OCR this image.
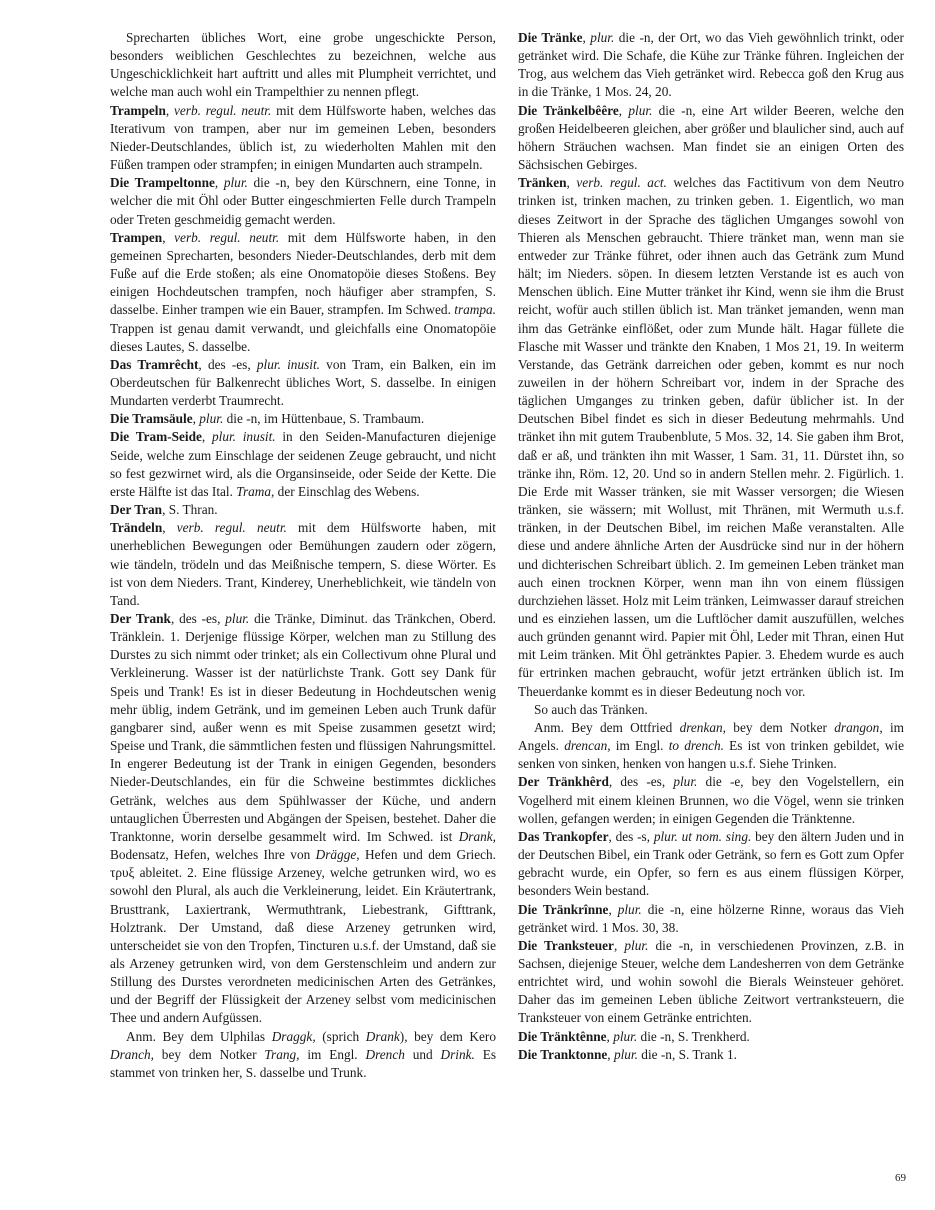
Sprecharten übliches Wort, eine grobe ungeschickte Person, besonders weiblichen Geschlechtes zu bezeichnen, welche aus Ungeschicklichkeit hart auftritt und alles mit Plumpheit verrichtet, und welche man auch wohl ein Trampelthier zu nennen pflegt.

Trampeln, verb. regul. neutr. mit dem Hülfsworte haben, welches das Iterativum von trampen, aber nur im gemeinen Leben, besonders Nieder-Deutschlandes, üblich ist, zu wiederholten Mahlen mit den Füßen trampen oder strampfen; in einigen Mundarten auch strampeln.

Die Trampeltonne, plur. die -n, bey den Kürschnern, eine Tonne, in welcher die mit Öhl oder Butter eingeschmierten Felle durch Trampeln oder Treten geschmeidig gemacht werden.

Trampen, verb. regul. neutr. mit dem Hülfsworte haben, in den gemeinen Sprecharten, besonders Nieder-Deutschlandes, derb mit dem Fuße auf die Erde stoßen; als eine Onomatopöie dieses Stoßens. Bey einigen Hochdeutschen trampfen, noch häufiger aber strampfen, S. dasselbe. Einher trampen wie ein Bauer, strampfen. Im Schwed. trampa. Trappen ist genau damit verwandt, und gleichfalls eine Onomatopöie dieses Lautes, S. dasselbe.

Das Tramrêcht, des -es, plur. inusit. von Tram, ein Balken, ein im Oberdeutschen für Balkenrecht übliches Wort, S. dasselbe. In einigen Mundarten verderbt Traumrecht.

Die Tramsäule, plur. die -n, im Hüttenbaue, S. Trambaum.

Die Tram-Seide, plur. inusit. in den Seiden-Manufacturen diejenige Seide, welche zum Einschlage der seidenen Zeuge gebraucht, und nicht so fest gezwirnet wird, als die Organsinseide, oder Seide der Kette. Die erste Hälfte ist das Ital. Trama, der Einschlag des Webens.

Der Tran, S. Thran.

Trändeln, verb. regul. neutr. mit dem Hülfsworte haben, mit unerheblichen Bewegungen oder Bemühungen zaudern oder zögern, wie tändeln, trödeln und das Meißnische tempern, S. diese Wörter. Es ist von dem Nieders. Trant, Kinderey, Unerheblichkeit, wie tändeln von Tand.

Der Trank, des -es, plur. die Tränke, Diminut. das Tränkchen, Oberd. Tränklein. 1. Derjenige flüssige Körper, welchen man zu Stillung des Durstes zu sich nimmt oder trinket; als ein Collectivum ohne Plural und Verkleinerung. Wasser ist der natürlichste Trank. Gott sey Dank für Speis und Trank! Es ist in dieser Bedeutung in Hochdeutschen wenig mehr üblig, indem Getränk, und im gemeinen Leben auch Trunk dafür gangbarer sind, außer wenn es mit Speise zusammen gesetzt wird; Speise und Trank, die sämmtlichen festen und flüssigen Nahrungsmittel. In engerer Bedeutung ist der Trank in einigen Gegenden, besonders Nieder-Deutschlandes, ein für die Schweine bestimmtes dickliches Getränk, welches aus dem Spühlwasser der Küche, und andern untauglichen Überresten und Abgängen der Speisen, bestehet. Daher die Tranktonne, worin derselbe gesammelt wird. Im Schwed. ist Drank, Bodensatz, Hefen, welches Ihre von Drägge, Hefen und dem Griech. τρυξ ableitet. 2. Eine flüssige Arzeney, welche getrunken wird, wo es sowohl den Plural, als auch die Verkleinerung, leidet. Ein Kräutertrank, Brusttrank, Laxiertrank, Wermuthtrank, Liebestrank, Gifttrank, Holztrank. Der Umstand, daß diese Arzeney getrunken wird, unterscheidet sie von den Tropfen, Tincturen u.s.f. der Umstand, daß sie als Arzeney getrunken wird, von dem Gerstenschleim und andern zur Stillung des Durstes verordneten medicinischen Arten des Getränkes, und der Begriff der Flüssigkeit der Arzeney selbst vom medicinischen Thee und andern Aufgüssen.

Anm. Bey dem Ulphilas Draggk, (sprich Drank), bey dem Kero Dranch, bey dem Notker Trang, im Engl. Drench und Drink. Es stammet von trinken her, S. dasselbe und Trunk.

Die Tränke, plur. die -n, der Ort, wo das Vieh gewöhnlich trinkt, oder getränket wird. Die Schafe, die Kühe zur Tränke führen. Ingleichen der Trog, aus welchem das Vieh getränket wird. Rebecca goß den Krug aus in die Tränke, 1 Mos. 24, 20.

Die Tränkelbêêre, plur. die -n, eine Art wilder Beeren, welche den großen Heidelbeeren gleichen, aber größer und blaulicher sind, auch auf höhern Sträuchen wachsen. Man findet sie an einigen Orten des Sächsischen Gebirges.

Tränken, verb. regul. act. welches das Factitivum von dem Neutro trinken ist, trinken machen, zu trinken geben. 1. Eigentlich, wo man dieses Zeitwort in der Sprache des täglichen Umganges sowohl von Thieren als Menschen gebraucht. Thiere tränket man, wenn man sie entweder zur Tränke führet, oder ihnen auch das Getränk zum Mund hält; im Nieders. söpen. In diesem letzten Verstande ist es auch von Menschen üblich. Eine Mutter tränket ihr Kind, wenn sie ihm die Brust reicht, wofür auch stillen üblich ist. Man tränket jemanden, wenn man ihm das Getränke einflößet, oder zum Munde hält. Hagar füllete die Flasche mit Wasser und tränkte den Knaben, 1 Mos 21, 19. In weiterm Verstande, das Getränk darreichen oder geben, kommt es nur noch zuweilen in der höhern Schreibart vor, indem in der Sprache des täglichen Umganges zu trinken geben, dafür üblicher ist. In der Deutschen Bibel findet es sich in dieser Bedeutung mehrmahls. Und tränket ihn mit gutem Traubenblute, 5 Mos. 32, 14. Sie gaben ihm Brot, daß er aß, und tränkten ihn mit Wasser, 1 Sam. 31, 11. Dürstet ihn, so tränke ihn, Röm. 12, 20. Und so in andern Stellen mehr. 2. Figürlich. 1. Die Erde mit Wasser tränken, sie mit Wasser versorgen; die Wiesen tränken, sie wässern; mit Wollust, mit Thränen, mit Wermuth u.s.f. tränken, in der Deutschen Bibel, im reichen Maße veranstalten. Alle diese und andere ähnliche Arten der Ausdrücke sind nur in der höhern und dichterischen Schreibart üblich. 2. Im gemeinen Leben tränket man auch einen trocknen Körper, wenn man ihn von einem flüssigen durchziehen lässet. Holz mit Leim tränken, Leimwasser darauf streichen und es einziehen lassen, um die Luftlöcher damit auszufüllen, welches auch gründen genannt wird. Papier mit Öhl, Leder mit Thran, einen Hut mit Leim tränken. Mit Öhl getränktes Papier. 3. Ehedem wurde es auch für ertrinken machen gebraucht, wofür jetzt ertränken üblich ist. Im Theuerdanke kommt es in dieser Bedeutung noch vor.

So auch das Tränken.

Anm. Bey dem Ottfried drenkan, bey dem Notker drangon, im Angels. drencan, im Engl. to drench. Es ist von trinken gebildet, wie senken von sinken, henken von hangen u.s.f. Siehe Trinken.

Der Tränkhêrd, des -es, plur. die -e, bey den Vogelstellern, ein Vogelherd mit einem kleinen Brunnen, wo die Vögel, wenn sie trinken wollen, gefangen werden; in einigen Gegenden die Tränktenne.

Das Trankopfer, des -s, plur. ut nom. sing. bey den ältern Juden und in der Deutschen Bibel, ein Trank oder Getränk, so fern es Gott zum Opfer gebracht wurde, ein Opfer, so fern es aus einem flüssigen Körper, besonders Wein bestand.

Die Tränkrînne, plur. die -n, eine hölzerne Rinne, woraus das Vieh getränket wird. 1 Mos. 30, 38.

Die Tranksteuer, plur. die -n, in verschiedenen Provinzen, z.B. in Sachsen, diejenige Steuer, welche dem Landesherren von dem Getränke entrichtet wird, und wohin sowohl die Bierals Weinsteuer gehöret. Daher das im gemeinen Leben übliche Zeitwort vertranksteuern, die Tranksteuer von einem Getränke entrichten.

Die Tränktênne, plur. die -n, S. Trenkherd.

Die Tranktonne, plur. die -n, S. Trank 1.

69
